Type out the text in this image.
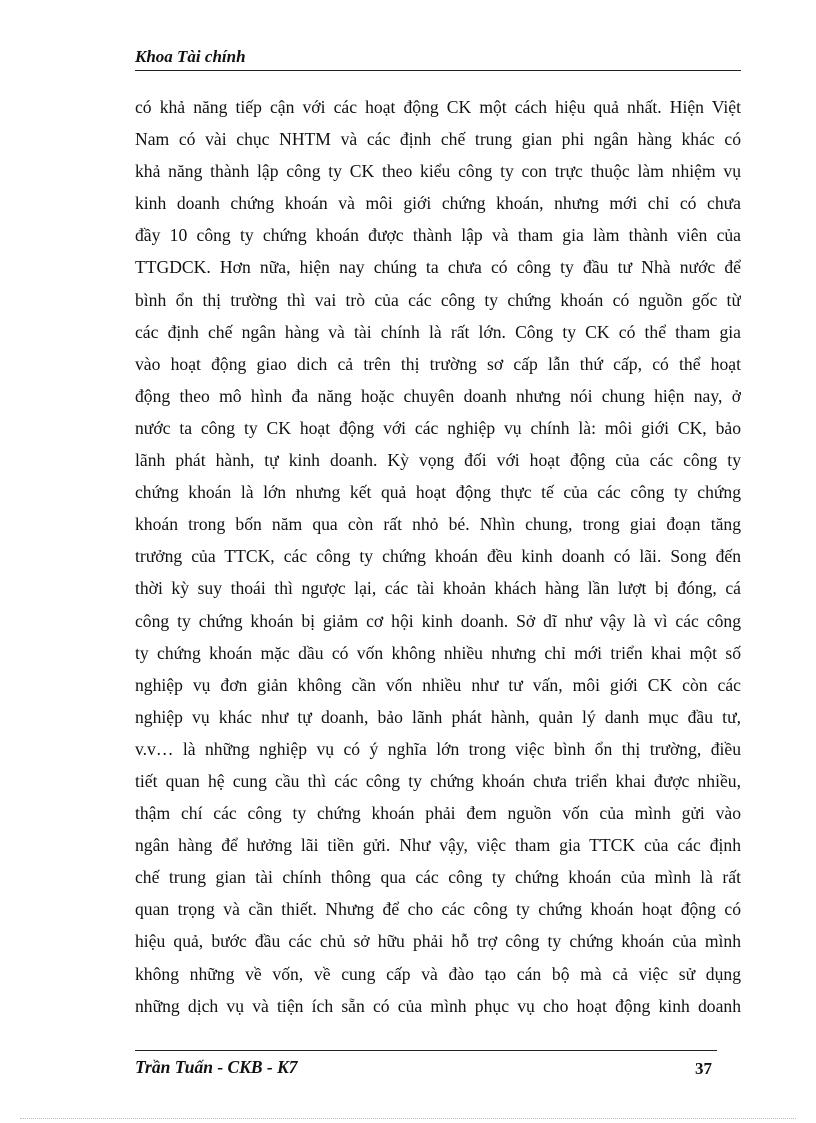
Khoa Tài chính
có khả năng tiếp cận với các hoạt động CK một cách hiệu quả nhất. Hiện Việt
Nam có vài chục NHTM và các định chế trung gian phi ngân hàng khác có
khả năng thành lập công ty CK theo kiểu công ty con trực thuộc làm nhiệm vụ
kinh doanh chứng khoán và môi giới chứng khoán, nhưng mới chỉ có chưa
đầy 10 công ty chứng khoán được thành lập và tham gia làm thành viên của
TTGDCK. Hơn nữa, hiện nay chúng ta chưa có công ty đầu tư Nhà nước để
bình ổn thị trường thì vai trò của các công ty chứng khoán có nguồn gốc từ
các định chế ngân hàng và tài chính là rất lớn. Công ty CK có thể tham gia
vào hoạt động giao dich cả trên thị trường sơ cấp lẫn thứ cấp, có thể hoạt
động theo mô hình đa năng hoặc chuyên doanh nhưng nói chung hiện nay, ở
nước ta công ty CK hoạt động với các nghiệp vụ chính là: môi giới CK, bảo
lãnh phát hành, tự kinh doanh. Kỳ vọng đối với hoạt động của các công ty
chứng khoán là lớn nhưng kết quả hoạt động thực tế của các công ty chứng
khoán trong bốn năm qua còn rất nhỏ bé. Nhìn chung, trong giai đoạn tăng
trưởng của TTCK, các công ty chứng khoán đều kinh doanh có lãi. Song đến
thời kỳ suy thoái thì ngược lại, các tài khoản khách hàng lần lượt bị đóng, cá
công ty chứng khoán bị giảm cơ hội kinh doanh. Sở dĩ như vậy là vì các công
ty chứng khoán mặc dầu có vốn không nhiều nhưng chỉ mới triển khai một số
nghiệp vụ đơn giản không cần vốn nhiều như tư vấn, môi giới CK còn các
nghiệp vụ khác như tự doanh, bảo lãnh phát hành, quản lý danh mục đầu tư,
v.v… là những nghiệp vụ có ý nghĩa lớn trong việc bình ổn thị trường, điều
tiết quan hệ cung cầu thì các công ty chứng khoán chưa triển khai được nhiều,
thậm chí các công ty chứng khoán phải đem nguồn vốn của mình gửi vào
ngân hàng để hưởng lãi tiền gửi. Như vậy, việc tham gia TTCK của các định
chế trung gian tài chính thông qua các công ty chứng khoán của mình là rất
quan trọng và cần thiết. Nhưng để cho các công ty chứng khoán hoạt động có
hiệu quả, bước đầu các chủ sở hữu phải hỗ trợ công ty chứng khoán của mình
không những về vốn, về cung cấp và đào tạo cán bộ mà cả việc sử dụng
những dịch vụ và tiện ích sẵn có của mình phục vụ cho hoạt động kinh doanh
Trần Tuấn - CKB - K7	37
